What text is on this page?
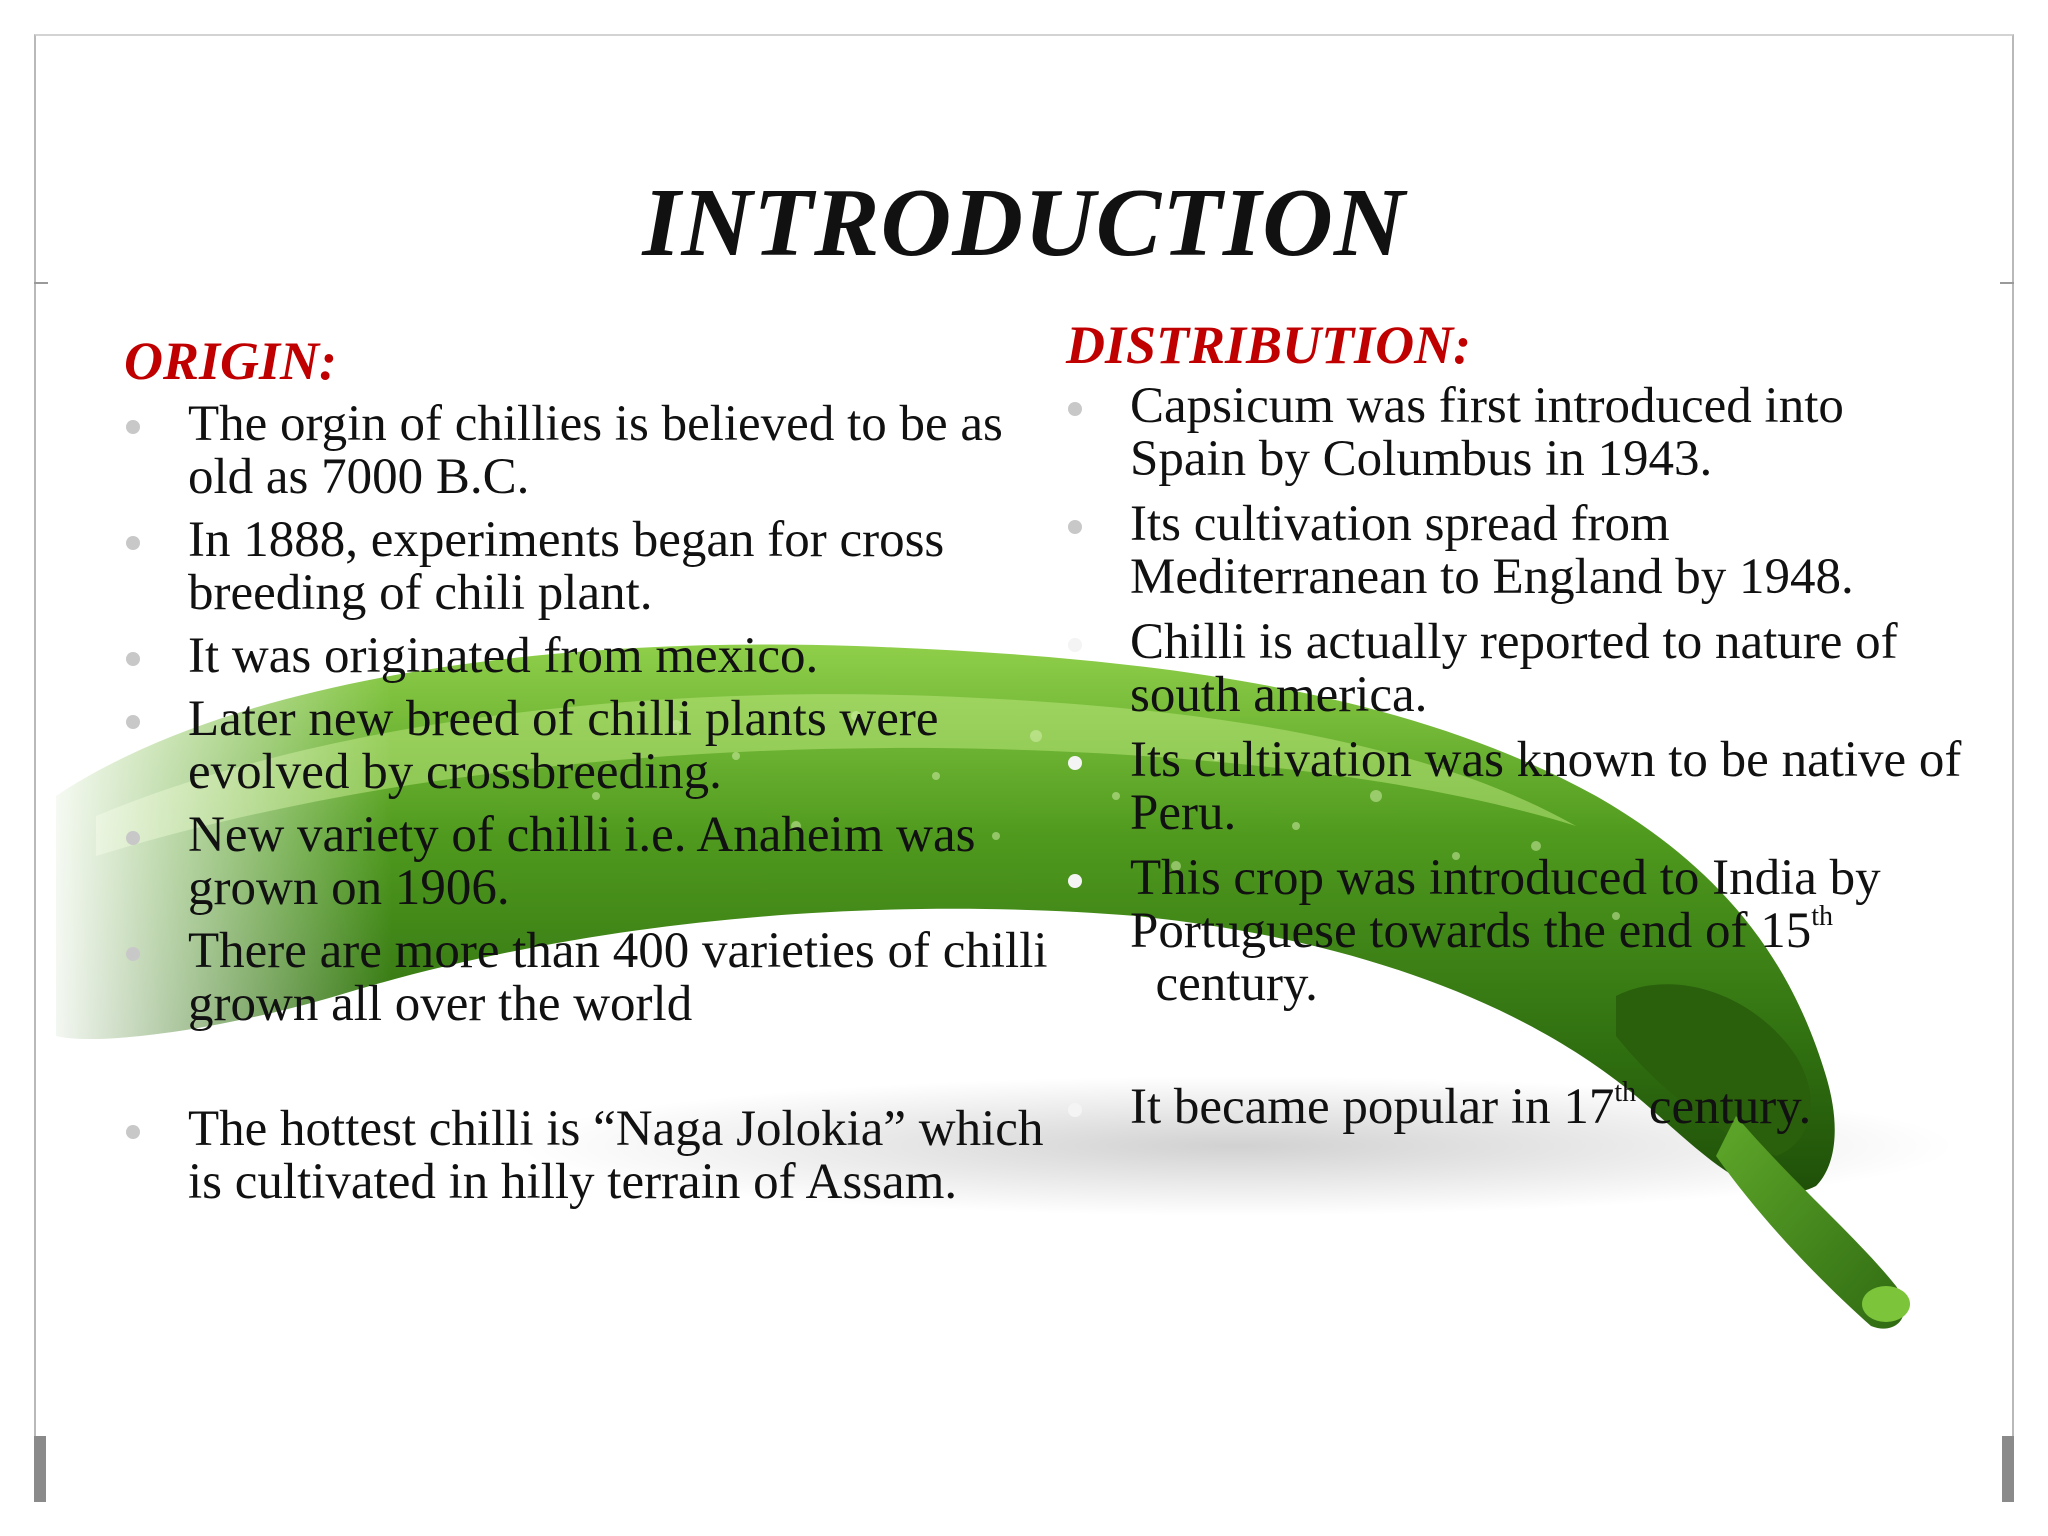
INTRODUCTION
ORIGIN:
The orgin of chillies is believed to be as old as 7000 B.C.
In 1888, experiments began for cross breeding of chili plant.
It was originated from mexico.
Later new breed of chilli plants were evolved by crossbreeding.
New variety of chilli i.e. Anaheim was grown on 1906.
There are more than 400 varieties of chilli grown all over the world
The hottest chilli is “Naga Jolokia” which is cultivated in hilly terrain of Assam.
DISTRIBUTION:
Capsicum was first introduced into Spain by Columbus in 1943.
Its cultivation spread from Mediterranean to England by 1948.
Chilli is actually reported to nature of south america.
Its cultivation was known to be native of Peru.
This crop was introduced to India by Portuguese towards the end of 15th  century.
It became popular in 17th century.
